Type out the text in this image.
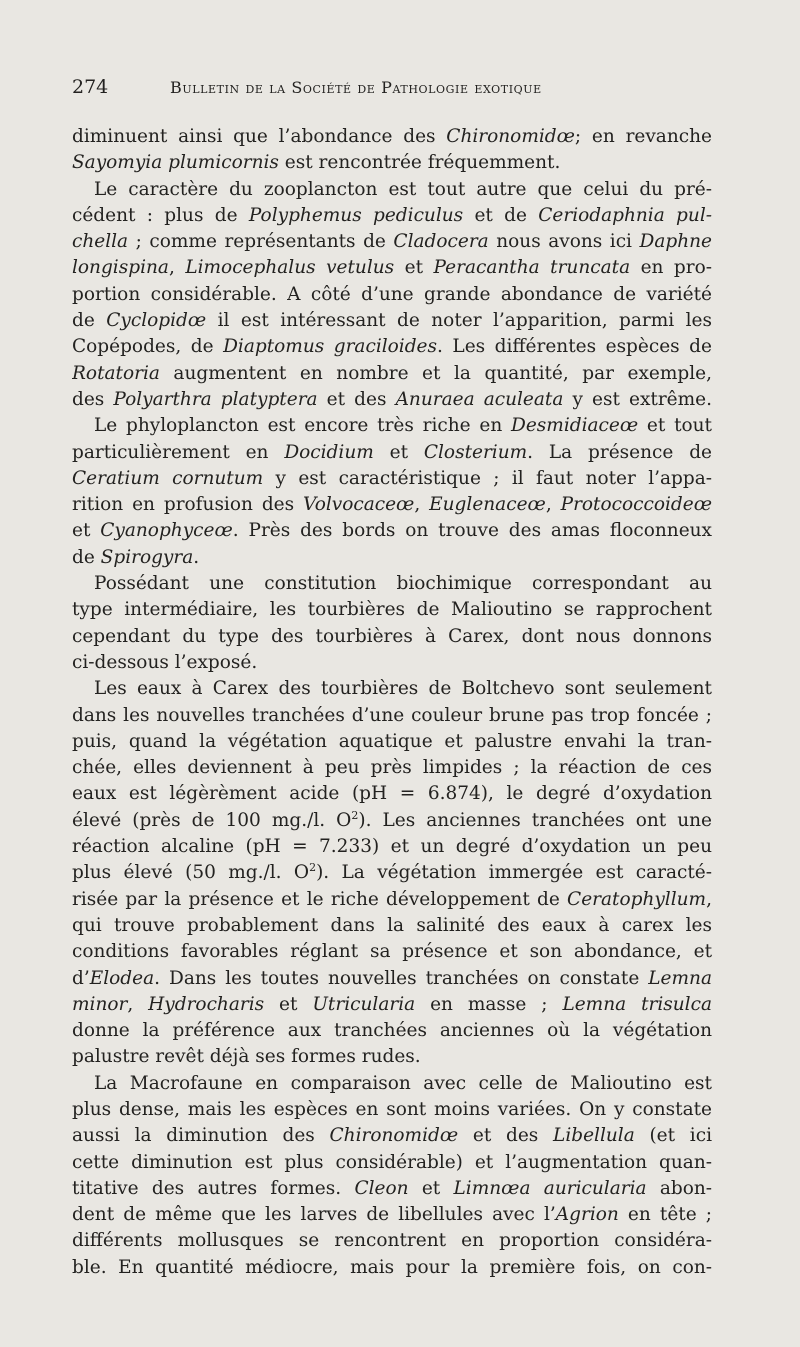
274	Bulletin de la Société de Pathologie exotique
diminuent ainsi que l’abondance des Chironomidœ; en revanche
Sayomyia plumicornis est rencontrée fréquemment.
Le caractère du zooplancton est tout autre que celui du pré-
cédent : plus de Polyphemus pediculus et de Ceriodaphnia pul-
chella ; comme représentants de Cladocera nous avons ici Daphne
longispina, Limocephalus vetulus et Peracantha truncata en pro-
portion considérable. A côté d’une grande abondance de variété
de Cyclopidœ il est intéressant de noter l’apparition, parmi les
Copépodes, de Diaptomus graciloides. Les différentes espèces de
Rotatoria augmentent en nombre et la quantité, par exemple,
des Polyarthra platyptera et des Anuraea aculeata y est extrême.
Le phyloplancton est encore très riche en Desmidiaceœ et tout
particulièrement en Docidium et Closterium. La présence de
Ceratium cornutum y est caractéristique ; il faut noter l’appa-
rition en profusion des Volvocaceœ, Euglenaceœ, Protococcoideœ
et Cyanophyceœ. Près des bords on trouve des amas floconneux
de Spirogyra.
Possédant une constitution biochimique correspondant au
type intermédiaire, les tourbières de Malioutino se rapprochent
cependant du type des tourbières à Carex, dont nous donnons
ci-dessous l’exposé.
Les eaux à Carex des tourbières de Boltchevo sont seulement
dans les nouvelles tranchées d’une couleur brune pas trop foncée ;
puis, quand la végétation aquatique et palustre envahi la tran-
chée, elles deviennent à peu près limpides ; la réaction de ces
eaux est légèrèment acide (pH = 6.874), le degré d’oxydation
élevé (près de 100 mg./l. $O^2$). Les anciennes tranchées ont une
réaction alcaline (pH = 7.233) et un degré d’oxydation un peu
plus élevé (50 mg./l. $O^2$). La végétation immergée est caracté-
risée par la présence et le riche développement de Ceratophyllum,
qui trouve probablement dans la salinité des eaux à carex les
conditions favorables réglant sa présence et son abondance, et
d’Elodea. Dans les toutes nouvelles tranchées on constate Lemna
minor, Hydrocharis et Utricularia en masse ; Lemna trisulca
donne la préférence aux tranchées anciennes où la végétation
palustre revêt déjà ses formes rudes.
La Macrofaune en comparaison avec celle de Malioutino est
plus dense, mais les espèces en sont moins variées. On y constate
aussi la diminution des Chironomidœ et des Libellula (et ici
cette diminution est plus considérable) et l’augmentation quan-
titative des autres formes. Cleon et Limnœa auricularia abon-
dent de même que les larves de libellules avec l’Agrion en tête ;
différents mollusques se rencontrent en proportion considéra-
ble. En quantité médiocre, mais pour la première fois, on con-
